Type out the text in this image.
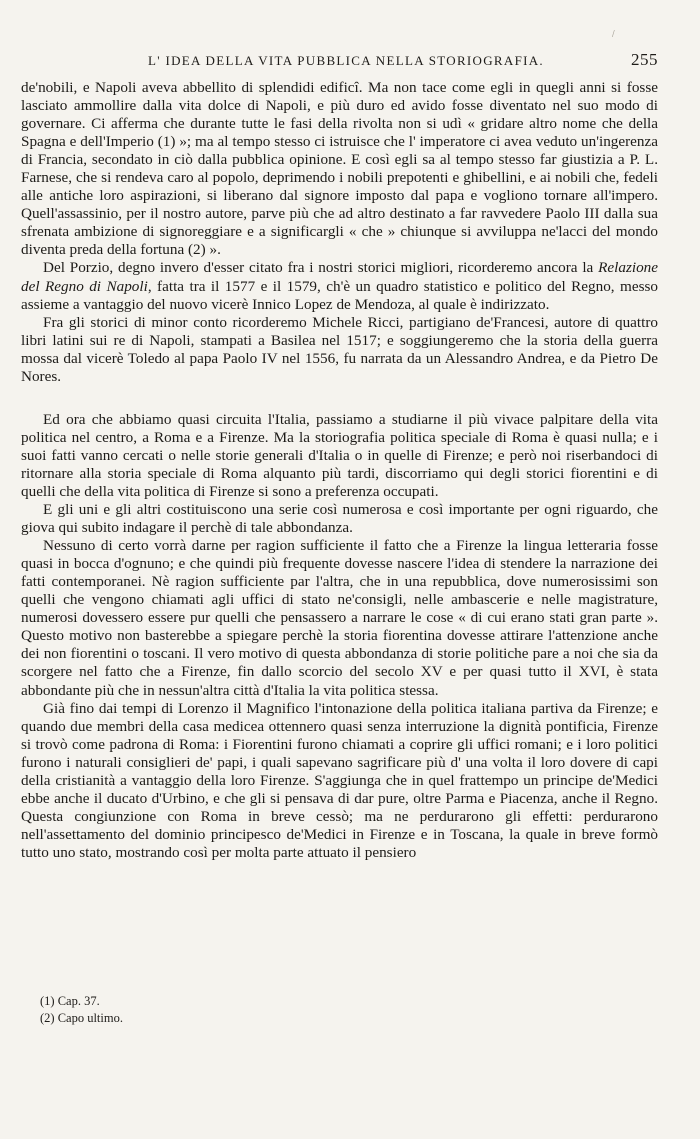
/
L' IDEA DELLA VITA PUBBLICA NELLA STORIOGRAFIA.	255

de'nobili, e Napoli aveva abbellito di splendidi edificî. Ma non tace come egli in quegli anni si fosse lasciato ammollire dalla vita dolce di Napoli, e più duro ed avido fosse diventato nel suo modo di governare. Ci afferma che durante tutte le fasi della rivolta non si udì « gridare altro nome che della Spagna e dell'Imperio (1) »; ma al tempo stesso ci istruisce che l' imperatore ci avea veduto un'ingerenza di Francia, secondato in ciò dalla pubblica opinione. E così egli sa al tempo stesso far giustizia a P. L. Farnese, che si rendeva caro al popolo, deprimendo i nobili prepotenti e ghibellini, e ai nobili che, fedeli alle antiche loro aspirazioni, si liberano dal signore imposto dal papa e vogliono tornare all'impero. Quell'assassinio, per il nostro autore, parve più che ad altro destinato a far ravvedere Paolo III dalla sua sfrenata ambizione di signoreggiare e a significargli « che » chiunque si avviluppa ne'lacci del mondo diventa preda della fortuna (2) ».

Del Porzio, degno invero d'esser citato fra i nostri storici migliori, ricorderemo ancora la Relazione del Regno di Napoli, fatta tra il 1577 e il 1579, ch'è un quadro statistico e politico del Regno, messo assieme a vantaggio del nuovo vicerè Innico Lopez de Mendoza, al quale è indirizzato.

Fra gli storici di minor conto ricorderemo Michele Ricci, partigiano de'Francesi, autore di quattro libri latini sui re di Napoli, stampati a Basilea nel 1517; e soggiungeremo che la storia della guerra mossa dal vicerè Toledo al papa Paolo IV nel 1556, fu narrata da un Alessandro Andrea, e da Pietro De Nores.

Ed ora che abbiamo quasi circuita l'Italia, passiamo a studiarne il più vivace palpitare della vita politica nel centro, a Roma e a Firenze. Ma la storiografia politica speciale di Roma è quasi nulla; e i suoi fatti vanno cercati o nelle storie generali d'Italia o in quelle di Firenze; e però noi riserbandoci di ritornare alla storia speciale di Roma alquanto più tardi, discorriamo qui degli storici fiorentini e di quelli che della vita politica di Firenze si sono a preferenza occupati.

E gli uni e gli altri costituiscono una serie così numerosa e così importante per ogni riguardo, che giova qui subito indagare il perchè di tale abbondanza.

Nessuno di certo vorrà darne per ragion sufficiente il fatto che a Firenze la lingua letteraria fosse quasi in bocca d'ognuno; e che quindi più frequente dovesse nascere l'idea di stendere la narrazione dei fatti contemporanei. Nè ragion sufficiente par l'altra, che in una repubblica, dove numerosissimi son quelli che vengono chiamati agli uffici di stato ne'consigli, nelle ambascerie e nelle magistrature, numerosi dovessero essere pur quelli che pensassero a narrare le cose « di cui erano stati gran parte ». Questo motivo non basterebbe a spiegare perchè la storia fiorentina dovesse attirare l'attenzione anche dei non fiorentini o toscani. Il vero motivo di questa abbondanza di storie politiche pare a noi che sia da scorgere nel fatto che a Firenze, fin dallo scorcio del secolo XV e per quasi tutto il XVI, è stata abbondante più che in nessun'altra città d'Italia la vita politica stessa.

Già fino dai tempi di Lorenzo il Magnifico l'intonazione della politica italiana partiva da Firenze; e quando due membri della casa medicea ottennero quasi senza interruzione la dignità pontificia, Firenze si trovò come padrona di Roma: i Fiorentini furono chiamati a coprire gli uffici romani; e i loro politici furono i naturali consiglieri de' papi, i quali sapevano sagrificare più d' una volta il loro dovere di capi della cristianità a vantaggio della loro Firenze. S'aggiunga che in quel frattempo un principe de'Medici ebbe anche il ducato d'Urbino, e che gli si pensava di dar pure, oltre Parma e Piacenza, anche il Regno. Questa congiunzione con Roma in breve cessò; ma ne perdurarono gli effetti: perdurarono nell'assettamento del dominio principesco de'Medici in Firenze e in Toscana, la quale in breve formò tutto uno stato, mostrando così per molta parte attuato il pensiero

(1) Cap. 37.

(2) Capo ultimo.
